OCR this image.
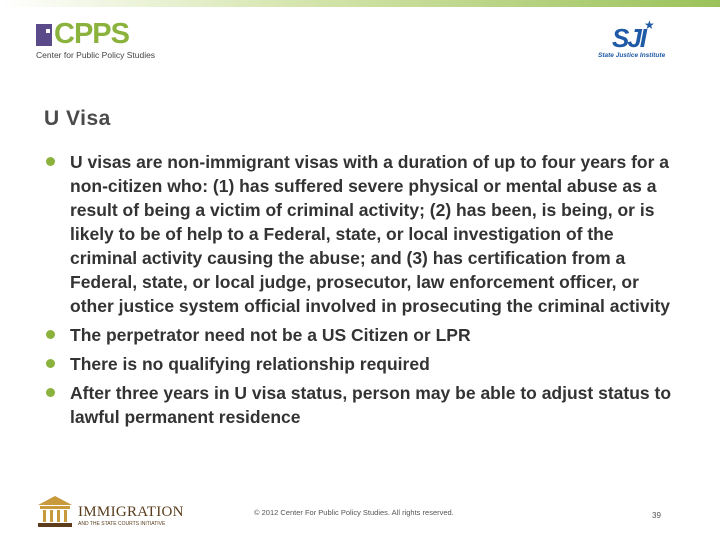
CPPS
Center for Public Policy Studies
★
SJI
State Justice Institute
U Visa
U visas are non-immigrant visas with a duration of up to four years for a non-citizen who: (1) has suffered severe physical or mental abuse as a result of being a victim of criminal activity; (2) has been, is being, or is likely to be of help to a Federal, state, or local investigation of the criminal activity causing the abuse; and (3) has certification from a Federal, state, or local judge, prosecutor, law enforcement officer, or other justice system official involved in prosecuting the criminal activity
The perpetrator need not be a US Citizen or LPR
There is no qualifying relationship required
After three years in U visa status, person may be able to adjust status to lawful permanent residence
IMMIGRATION
AND THE STATE COURTS INITIATIVE
© 2012 Center For Public Policy Studies. All rights reserved.	39
